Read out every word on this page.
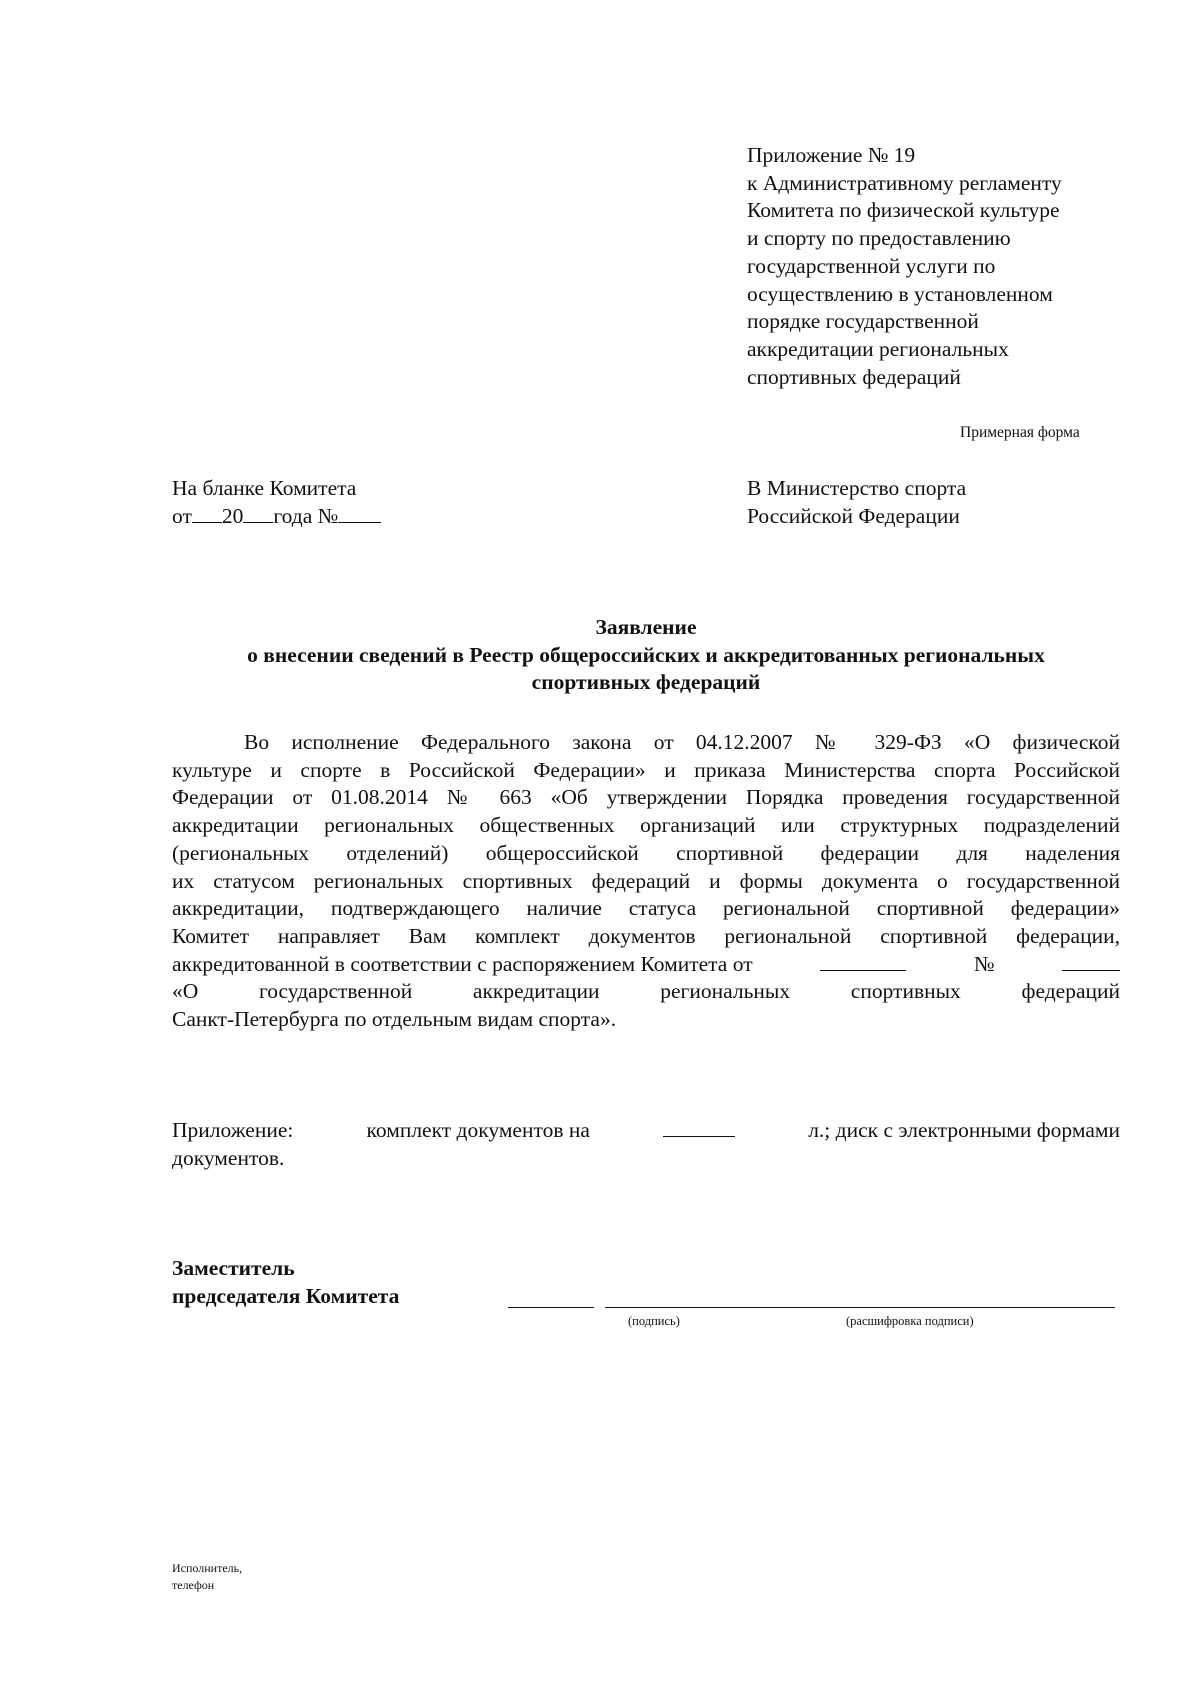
Приложение № 19
к Административному регламенту
Комитета по физической культуре
и спорту по предоставлению
государственной услуги по
осуществлению в установленном
порядке государственной
аккредитации региональных
спортивных федераций
Примерная форма
На бланке Комитета
от 20 года №
В Министерство спорта
Российской Федерации
Заявление
о внесении сведений в Реестр общероссийских и аккредитованных региональных
спортивных федераций
Во исполнение Федерального закона от 04.12.2007 № 329-ФЗ «О физической
культуре и спорте в Российской Федерации» и приказа Министерства спорта Российской
Федерации от 01.08.2014 № 663 «Об утверждении Порядка проведения государственной
аккредитации региональных общественных организаций или структурных подразделений
(региональных отделений) общероссийской спортивной федерации для наделения
их статусом региональных спортивных федераций и формы документа о государственной
аккредитации, подтверждающего наличие статуса региональной спортивной федерации»
Комитет направляет Вам комплект документов региональной спортивной федерации,
аккредитованной в соответствии с распоряжением Комитета от	№
«О	государственной	аккредитации	региональных	спортивных	федераций
Санкт-Петербурга по отдельным видам спорта».
Приложение:	комплект документов на	л.; диск с электронными формами
документов.
Заместитель
председателя Комитета
(подпись)	(расшифровка подписи)
Исполнитель,
телефон
